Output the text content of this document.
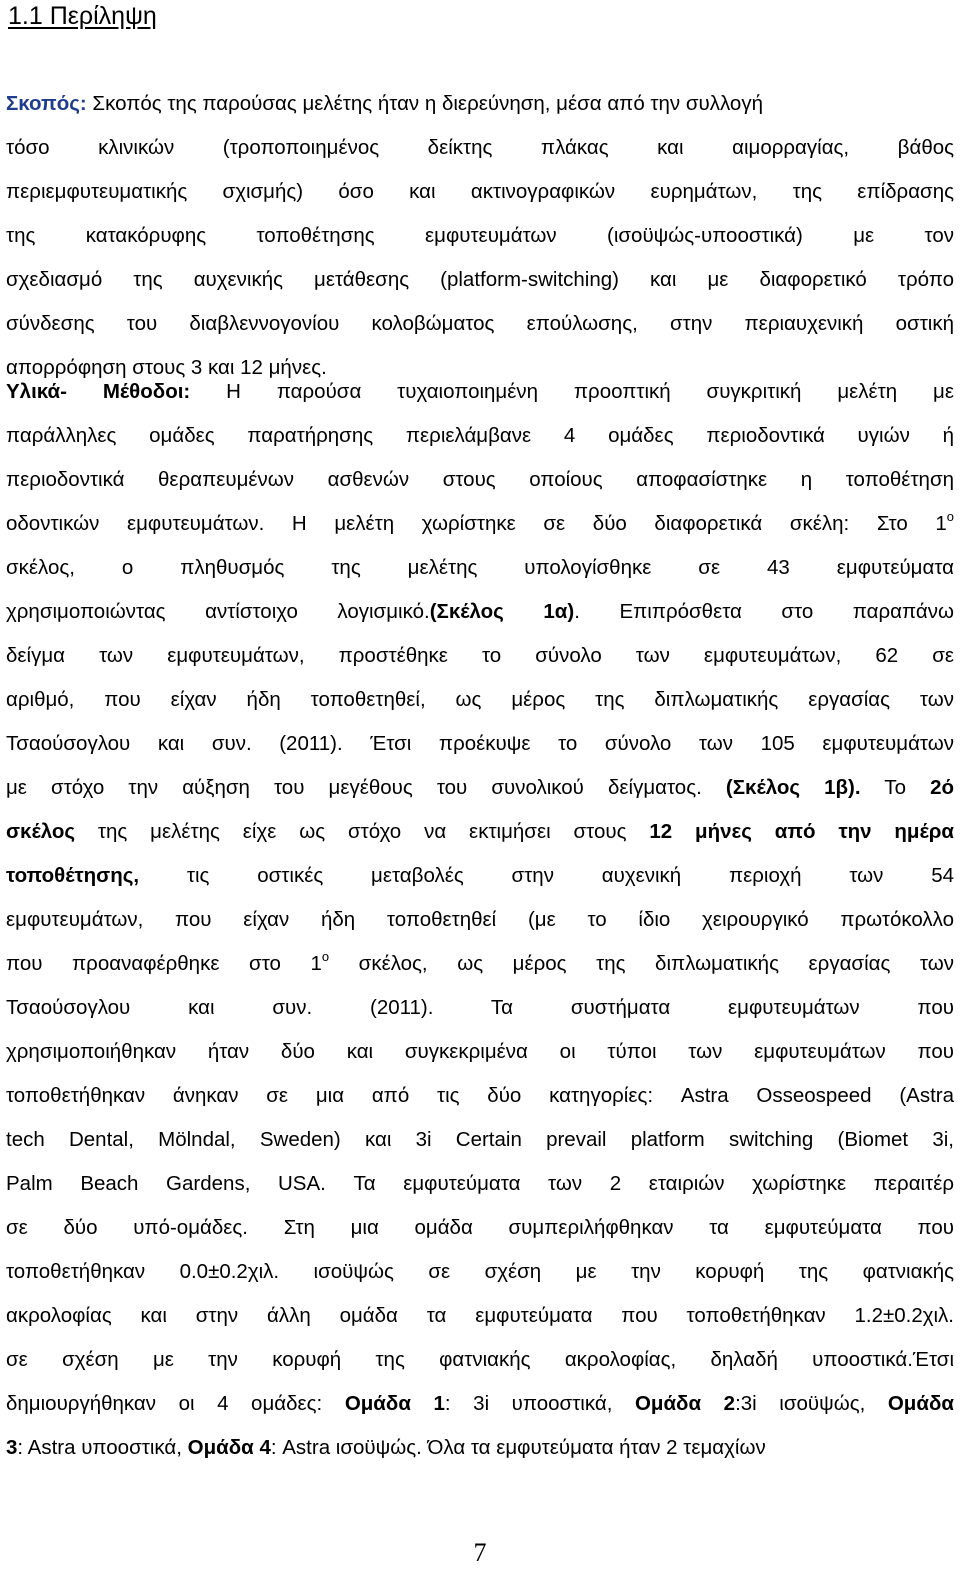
1.1 Περίληψη
Σκοπός: Σκοπός της παρούσας μελέτης ήταν η διερεύνηση, μέσα από την συλλογή
τόσο κλινικών (τροποποιημένος δείκτης πλάκας και αιμορραγίας, βάθος
περιεμφυτευματικής σχισμής) όσο και ακτινογραφικών ευρημάτων, της επίδρασης
της κατακόρυφης τοποθέτησης εμφυτευμάτων (ισοϋψώς-υποοστικά) με τον
σχεδιασμό της αυχενικής μετάθεσης (platform-switching) και με διαφορετικό τρόπο
σύνδεσης του διαβλεννογονίου κολοβώματος επούλωσης, στην περιαυχενική οστική
απορρόφηση στους 3 και 12 μήνες.
Υλικά- Μέθοδοι: Η παρούσα τυχαιοποιημένη προοπτική συγκριτική μελέτη με
παράλληλες ομάδες παρατήρησης περιελάμβανε 4 ομάδες περιοδοντικά υγιών ή
περιοδοντικά θεραπευμένων ασθενών στους οποίους αποφασίστηκε η τοποθέτηση
οδοντικών εμφυτευμάτων. Η μελέτη χωρίστηκε σε δύο διαφορετικά σκέλη: Στο $1^o$
σκέλος, ο πληθυσμός της μελέτης υπολογίσθηκε σε 43 εμφυτεύματα
χρησιμοποιώντας αντίστοιχο λογισμικό.(Σκέλος 1α). Επιπρόσθετα στο παραπάνω
δείγμα των εμφυτευμάτων, προστέθηκε το σύνολο των εμφυτευμάτων, 62 σε
αριθμό, που είχαν ήδη τοποθετηθεί, ως μέρος της διπλωματικής εργασίας των
Τσαούσογλου και συν. (2011). Έτσι προέκυψε το σύνολο των 105 εμφυτευμάτων
με στόχο την αύξηση του μεγέθους του συνολικού δείγματος. (Σκέλος 1β). Το 2ό
σκέλος της μελέτης είχε ως στόχο να εκτιμήσει στους 12 μήνες από την ημέρα
τοποθέτησης, τις οστικές μεταβολές στην αυχενική περιοχή των 54
εμφυτευμάτων, που είχαν ήδη τοποθετηθεί (με το ίδιο χειρουργικό πρωτόκολλο
που προαναφέρθηκε στο $1^o$ σκέλος, ως μέρος της διπλωματικής εργασίας των
Τσαούσογλου και συν. (2011). Τα συστήματα εμφυτευμάτων που
χρησιμοποιήθηκαν ήταν δύο και συγκεκριμένα οι τύποι των εμφυτευμάτων που
τοποθετήθηκαν άνηκαν σε μια από τις δύο κατηγορίες: Astra Osseospeed (Astra
tech Dental, Mölndal, Sweden) και 3i Certain prevail platform switching (Biomet 3i,
Palm Beach Gardens, USA. Τα εμφυτεύματα των 2 εταιριών χωρίστηκε περαιτέρ
σε δύο υπό-ομάδες. Στη μια ομάδα συμπεριλήφθηκαν τα εμφυτεύματα που
τοποθετήθηκαν 0.0±0.2χιλ. ισοϋψώς σε σχέση με την κορυφή της φατνιακής
ακρολοφίας και στην άλλη ομάδα τα εμφυτεύματα που τοποθετήθηκαν 1.2±0.2χιλ.
σε σχέση με την κορυφή της φατνιακής ακρολοφίας, δηλαδή υποοστικά.Έτσι
δημιουργήθηκαν οι 4 ομάδες: Ομάδα 1: 3i υποοστικά, Ομάδα 2:3i ισοϋψώς, Ομάδα
3: Astra υποοστικά, Ομάδα 4: Astra ισοϋψώς. Όλα τα εμφυτεύματα ήταν 2 τεμαχίων
7
